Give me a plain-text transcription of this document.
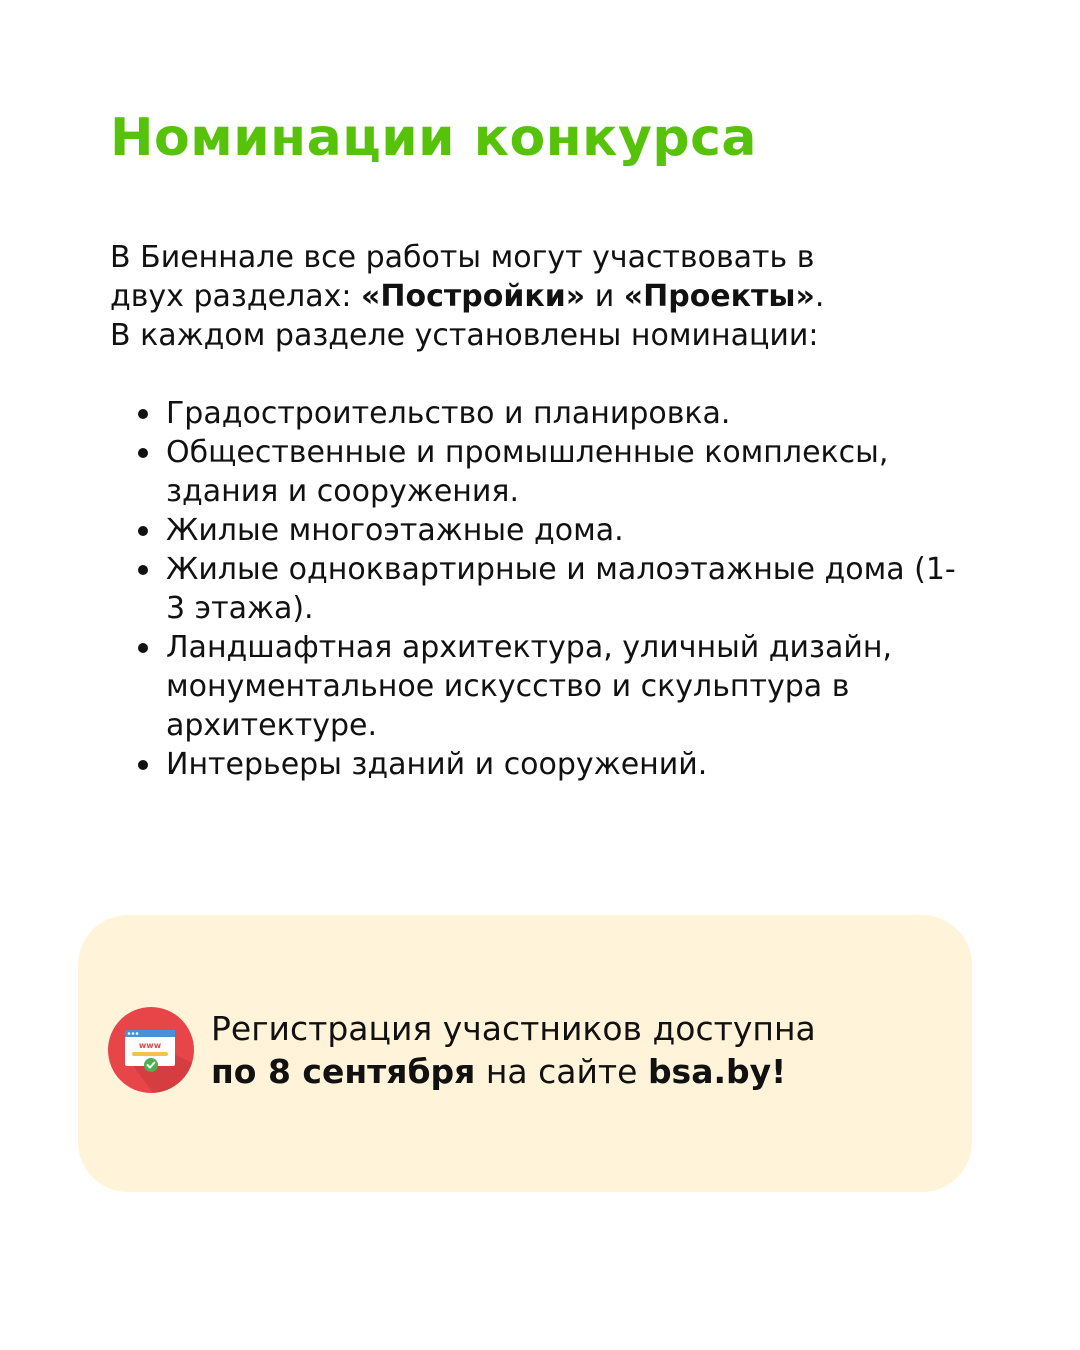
Номинации конкурса

В Биеннале все работы могут участвовать в
двух разделах: «Постройки» и «Проекты».
В каждом разделе установлены номинации:

Градостроительство и планировка.
Общественные и промышленные комплексы, здания и сооружения.
Жилые многоэтажные дома.
Жилые одноквартирные и малоэтажные дома (1-3 этажа).
Ландшафтная архитектура, уличный дизайн, монументальное искусство и скульптура в архитектуре.
Интерьеры зданий и сооружений.
www Регистрация участников доступна
по 8 сентября на сайте bsa.by!
